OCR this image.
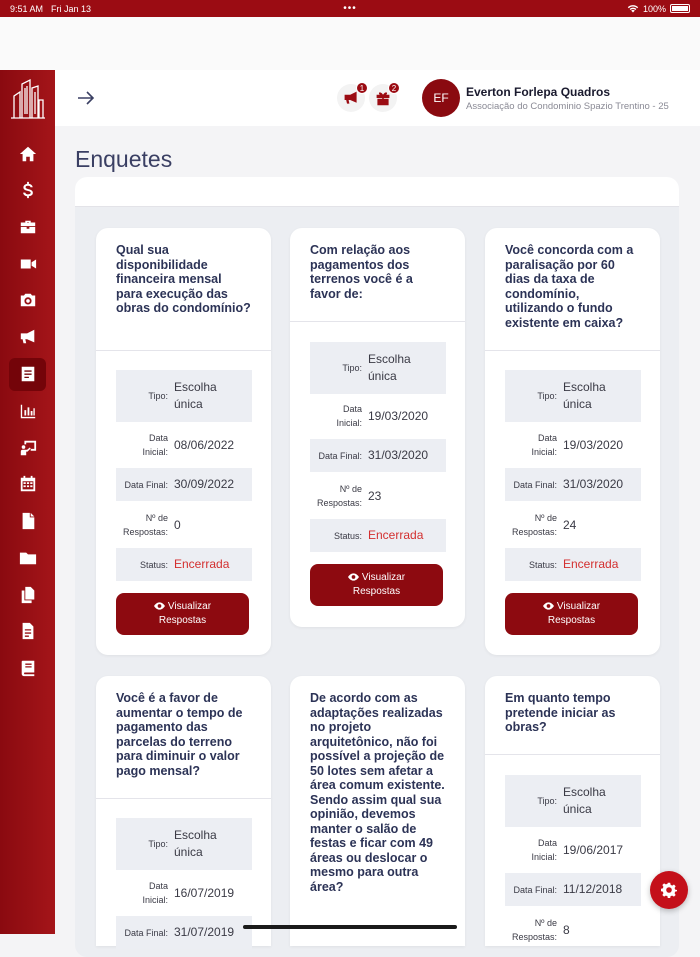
9:51 AM Fri Jan 13	•••	100%
1	2
EF	Everton Forlepa Quadros
Associação do Condominio Spazio Trentino - 25
Enquetes
Qual sua disponibilidade financeira mensal para execução das obras do condomínio?
Tipo:
Escolha
única
Data
Inicial:
08/06/2022
Data Final: 30/09/2022
Nº de
Respostas:
0
Status: Encerrada
Visualizar
Respostas
Com relação aos pagamentos dos terrenos você é a favor de:
Tipo:
Escolha
única
Data
Inicial:
19/03/2020
Data Final: 31/03/2020
Nº de
Respostas:
23
Status: Encerrada
Visualizar
Respostas
Você concorda com a paralisação por 60 dias da taxa de condomínio, utilizando o fundo existente em caixa?
Tipo:
Escolha
única
Data
Inicial:
19/03/2020
Data Final: 31/03/2020
Nº de
Respostas:
24
Status: Encerrada
Visualizar
Respostas
Você é a favor de aumentar o tempo de pagamento das parcelas do terreno para diminuir o valor pago mensal?
Tipo:
Escolha
única
Data
Inicial:
16/07/2019
Data Final: 31/07/2019
De acordo com as adaptações realizadas no projeto arquitetônico, não foi possível a projeção de 50 lotes sem afetar a área comum existente. Sendo assim qual sua opinião, devemos manter o salão de festas e ficar com 49 áreas ou deslocar o mesmo para outra área?
Em quanto tempo pretende iniciar as obras?
Tipo:
Escolha
única
Data
Inicial:
19/06/2017
Data Final: 11/12/2018
Nº de
Respostas:
8
